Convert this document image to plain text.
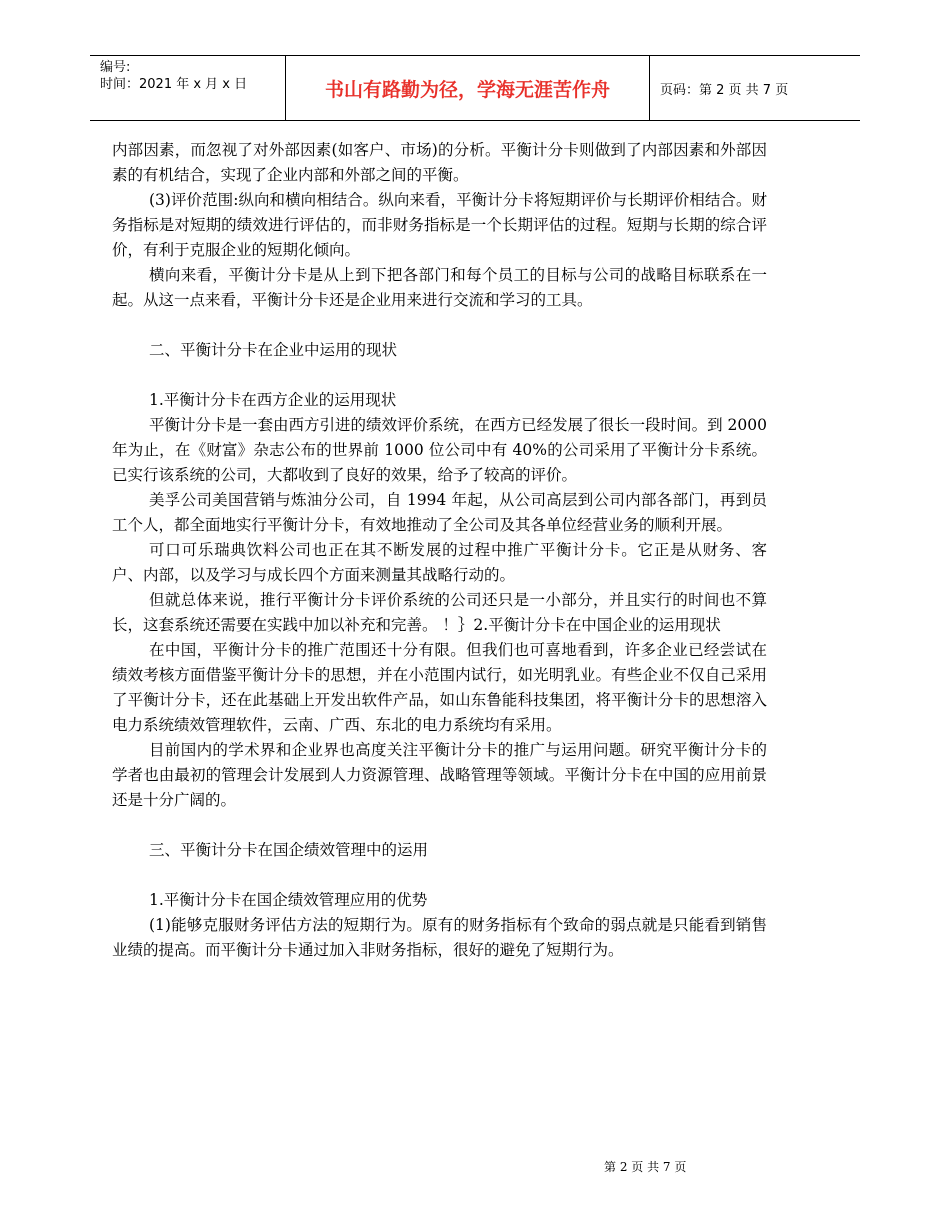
编号:
时间：2021 年 x 月 x 日	书山有路勤为径，学海无涯苦作舟	页码：第 2 页 共 7 页

内部因素，而忽视了对外部因素(如客户、市场)的分析。平衡计分卡则做到了内部因素和外部因素的有机结合，实现了企业内部和外部之间的平衡。

(3)评价范围:纵向和横向相结合。纵向来看，平衡计分卡将短期评价与长期评价相结合。财务指标是对短期的绩效进行评估的，而非财务指标是一个长期评估的过程。短期与长期的综合评价，有利于克服企业的短期化倾向。

横向来看，平衡计分卡是从上到下把各部门和每个员工的目标与公司的战略目标联系在一起。从这一点来看，平衡计分卡还是企业用来进行交流和学习的工具。

二、平衡计分卡在企业中运用的现状

1.平衡计分卡在西方企业的运用现状

平衡计分卡是一套由西方引进的绩效评价系统，在西方已经发展了很长一段时间。到 2000 年为止，在《财富》杂志公布的世界前 1000 位公司中有 40%的公司采用了平衡计分卡系统。已实行该系统的公司，大都收到了良好的效果，给予了较高的评价。

美孚公司美国营销与炼油分公司，自 1994 年起，从公司高层到公司内部各部门，再到员工个人，都全面地实行平衡计分卡，有效地推动了全公司及其各单位经营业务的顺利开展。

可口可乐瑞典饮料公司也正在其不断发展的过程中推广平衡计分卡。它正是从财务、客户、内部，以及学习与成长四个方面来测量其战略行动的。

但就总体来说，推行平衡计分卡评价系统的公司还只是一小部分，并且实行的时间也不算长，这套系统还需要在实践中加以补充和完善。 ！｝2.平衡计分卡在中国企业的运用现状

在中国，平衡计分卡的推广范围还十分有限。但我们也可喜地看到，许多企业已经尝试在绩效考核方面借鉴平衡计分卡的思想，并在小范围内试行，如光明乳业。有些企业不仅自己采用了平衡计分卡，还在此基础上开发出软件产品，如山东鲁能科技集团，将平衡计分卡的思想溶入电力系统绩效管理软件，云南、广西、东北的电力系统均有采用。

目前国内的学术界和企业界也高度关注平衡计分卡的推广与运用问题。研究平衡计分卡的学者也由最初的管理会计发展到人力资源管理、战略管理等领域。平衡计分卡在中国的应用前景还是十分广阔的。

三、平衡计分卡在国企绩效管理中的运用

1.平衡计分卡在国企绩效管理应用的优势

(1)能够克服财务评估方法的短期行为。原有的财务指标有个致命的弱点就是只能看到销售业绩的提高。而平衡计分卡通过加入非财务指标，很好的避免了短期行为。

第 2 页 共 7 页
